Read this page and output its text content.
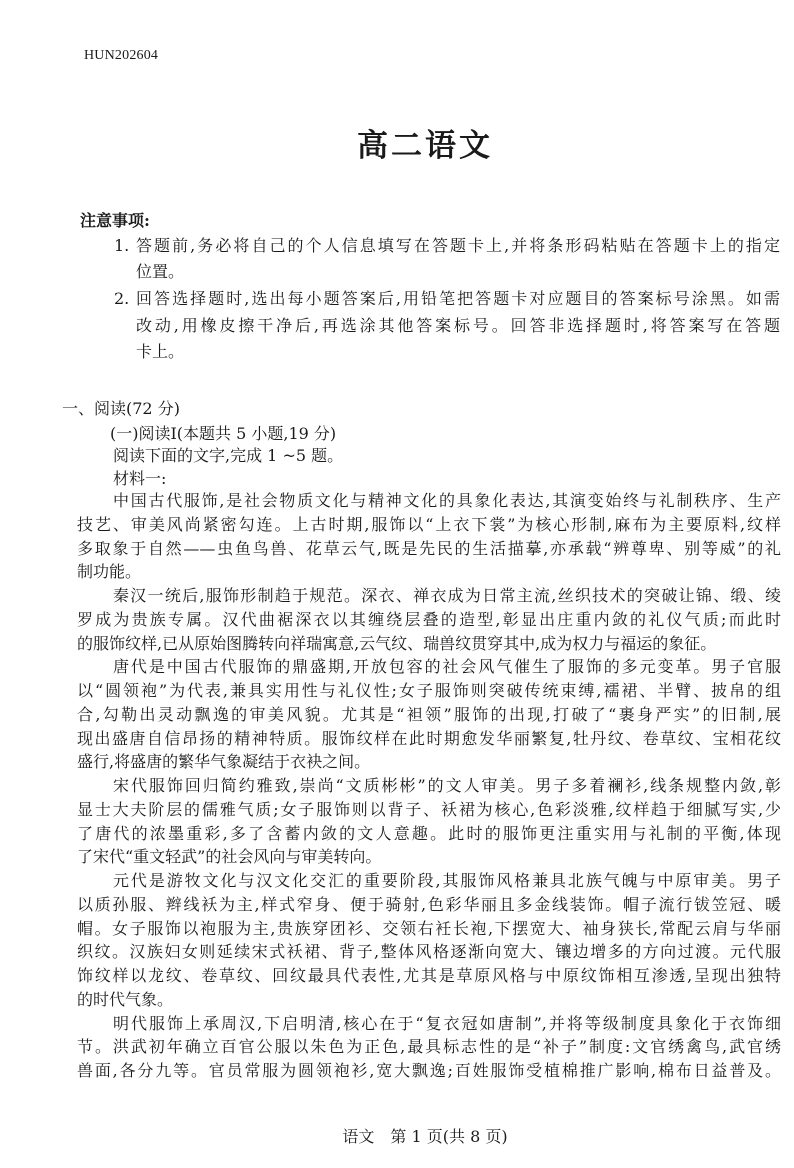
HUN202604
高二语文
注意事项:
1. 答题前,务必将自己的个人信息填写在答题卡上,并将条形码粘贴在答题卡上的指定
位置。
2. 回答选择题时,选出每小题答案后,用铅笔把答题卡对应题目的答案标号涂黑。如需
改动,用橡皮擦干净后,再选涂其他答案标号。回答非选择题时,将答案写在答题
卡上。
一、阅读(72 分)
(一)阅读Ⅰ(本题共 5 小题,19 分)
阅读下面的文字,完成 1 ~5 题。
材料一:
中国古代服饰,是社会物质文化与精神文化的具象化表达,其演变始终与礼制秩序、生产
技艺、审美风尚紧密勾连。上古时期,服饰以“上衣下裳”为核心形制,麻布为主要原料,纹样
多取象于自然——虫鱼鸟兽、花草云气,既是先民的生活描摹,亦承载“辨尊卑、别等威”的礼
制功能。
秦汉一统后,服饰形制趋于规范。深衣、禅衣成为日常主流,丝织技术的突破让锦、缎、绫
罗成为贵族专属。汉代曲裾深衣以其缠绕层叠的造型,彰显出庄重内敛的礼仪气质;而此时
的服饰纹样,已从原始图腾转向祥瑞寓意,云气纹、瑞兽纹贯穿其中,成为权力与福运的象征。
唐代是中国古代服饰的鼎盛期,开放包容的社会风气催生了服饰的多元变革。男子官服
以“圆领袍”为代表,兼具实用性与礼仪性;女子服饰则突破传统束缚,襦裙、半臂、披帛的组
合,勾勒出灵动飘逸的审美风貌。尤其是“袒领”服饰的出现,打破了“裹身严实”的旧制,展
现出盛唐自信昂扬的精神特质。服饰纹样在此时期愈发华丽繁复,牡丹纹、卷草纹、宝相花纹
盛行,将盛唐的繁华气象凝结于衣袂之间。
宋代服饰回归简约雅致,崇尚“文质彬彬”的文人审美。男子多着襕衫,线条规整内敛,彰
显士大夫阶层的儒雅气质;女子服饰则以背子、袄裙为核心,色彩淡雅,纹样趋于细腻写实,少
了唐代的浓墨重彩,多了含蓄内敛的文人意趣。此时的服饰更注重实用与礼制的平衡,体现
了宋代“重文轻武”的社会风向与审美转向。
元代是游牧文化与汉文化交汇的重要阶段,其服饰风格兼具北族气魄与中原审美。男子
以质孙服、辫线袄为主,样式窄身、便于骑射,色彩华丽且多金线装饰。帽子流行钹笠冠、暖
帽。女子服饰以袍服为主,贵族穿团衫、交领右衽长袍,下摆宽大、袖身狭长,常配云肩与华丽
织纹。汉族妇女则延续宋式袄裙、背子,整体风格逐渐向宽大、镶边增多的方向过渡。元代服
饰纹样以龙纹、卷草纹、回纹最具代表性,尤其是草原风格与中原纹饰相互渗透,呈现出独特
的时代气象。
明代服饰上承周汉,下启明清,核心在于“复衣冠如唐制”,并将等级制度具象化于衣饰细
节。洪武初年确立百官公服以朱色为正色,最具标志性的是“补子”制度:文官绣禽鸟,武官绣
兽面,各分九等。官员常服为圆领袍衫,宽大飘逸;百姓服饰受植棉推广影响,棉布日益普及。
语文　第 1 页(共 8 页)
